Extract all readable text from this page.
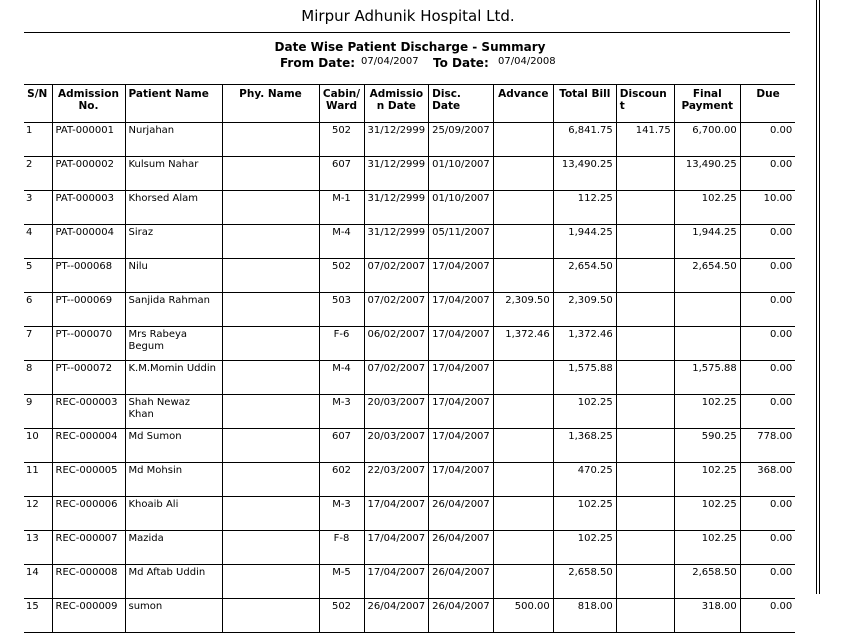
Mirpur Adhunik Hospital Ltd.
Date Wise Patient Discharge - Summary
From Date: 07/04/2007 To Date: 07/04/2008
S/N	Admission No.	Patient Name	Phy. Name	Cabin/ Ward	Admission Date	Disc. Date	Advance	Total Bill	Discount	Final Payment	Due
1	PAT-000001	Nurjahan		502	31/12/2999	25/09/2007		6,841.75	141.75	6,700.00	0.00
2	PAT-000002	Kulsum Nahar		607	31/12/2999	01/10/2007		13,490.25		13,490.25	0.00
3	PAT-000003	Khorsed Alam		M-1	31/12/2999	01/10/2007		112.25		102.25	10.00
4	PAT-000004	Siraz		M-4	31/12/2999	05/11/2007		1,944.25		1,944.25	0.00
5	PT--000068	Nilu		502	07/02/2007	17/04/2007		2,654.50		2,654.50	0.00
6	PT--000069	Sanjida Rahman		503	07/02/2007	17/04/2007	2,309.50	2,309.50			0.00
7	PT--000070	Mrs Rabeya Begum		F-6	06/02/2007	17/04/2007	1,372.46	1,372.46			0.00
8	PT--000072	K.M.Momin Uddin		M-4	07/02/2007	17/04/2007		1,575.88		1,575.88	0.00
9	REC-000003	Shah Newaz Khan		M-3	20/03/2007	17/04/2007		102.25		102.25	0.00
10	REC-000004	Md Sumon		607	20/03/2007	17/04/2007		1,368.25		590.25	778.00
11	REC-000005	Md Mohsin		602	22/03/2007	17/04/2007		470.25		102.25	368.00
12	REC-000006	Khoaib Ali		M-3	17/04/2007	26/04/2007		102.25		102.25	0.00
13	REC-000007	Mazida		F-8	17/04/2007	26/04/2007		102.25		102.25	0.00
14	REC-000008	Md Aftab Uddin		M-5	17/04/2007	26/04/2007		2,658.50		2,658.50	0.00
15	REC-000009	sumon		502	26/04/2007	26/04/2007	500.00	818.00		318.00	0.00
